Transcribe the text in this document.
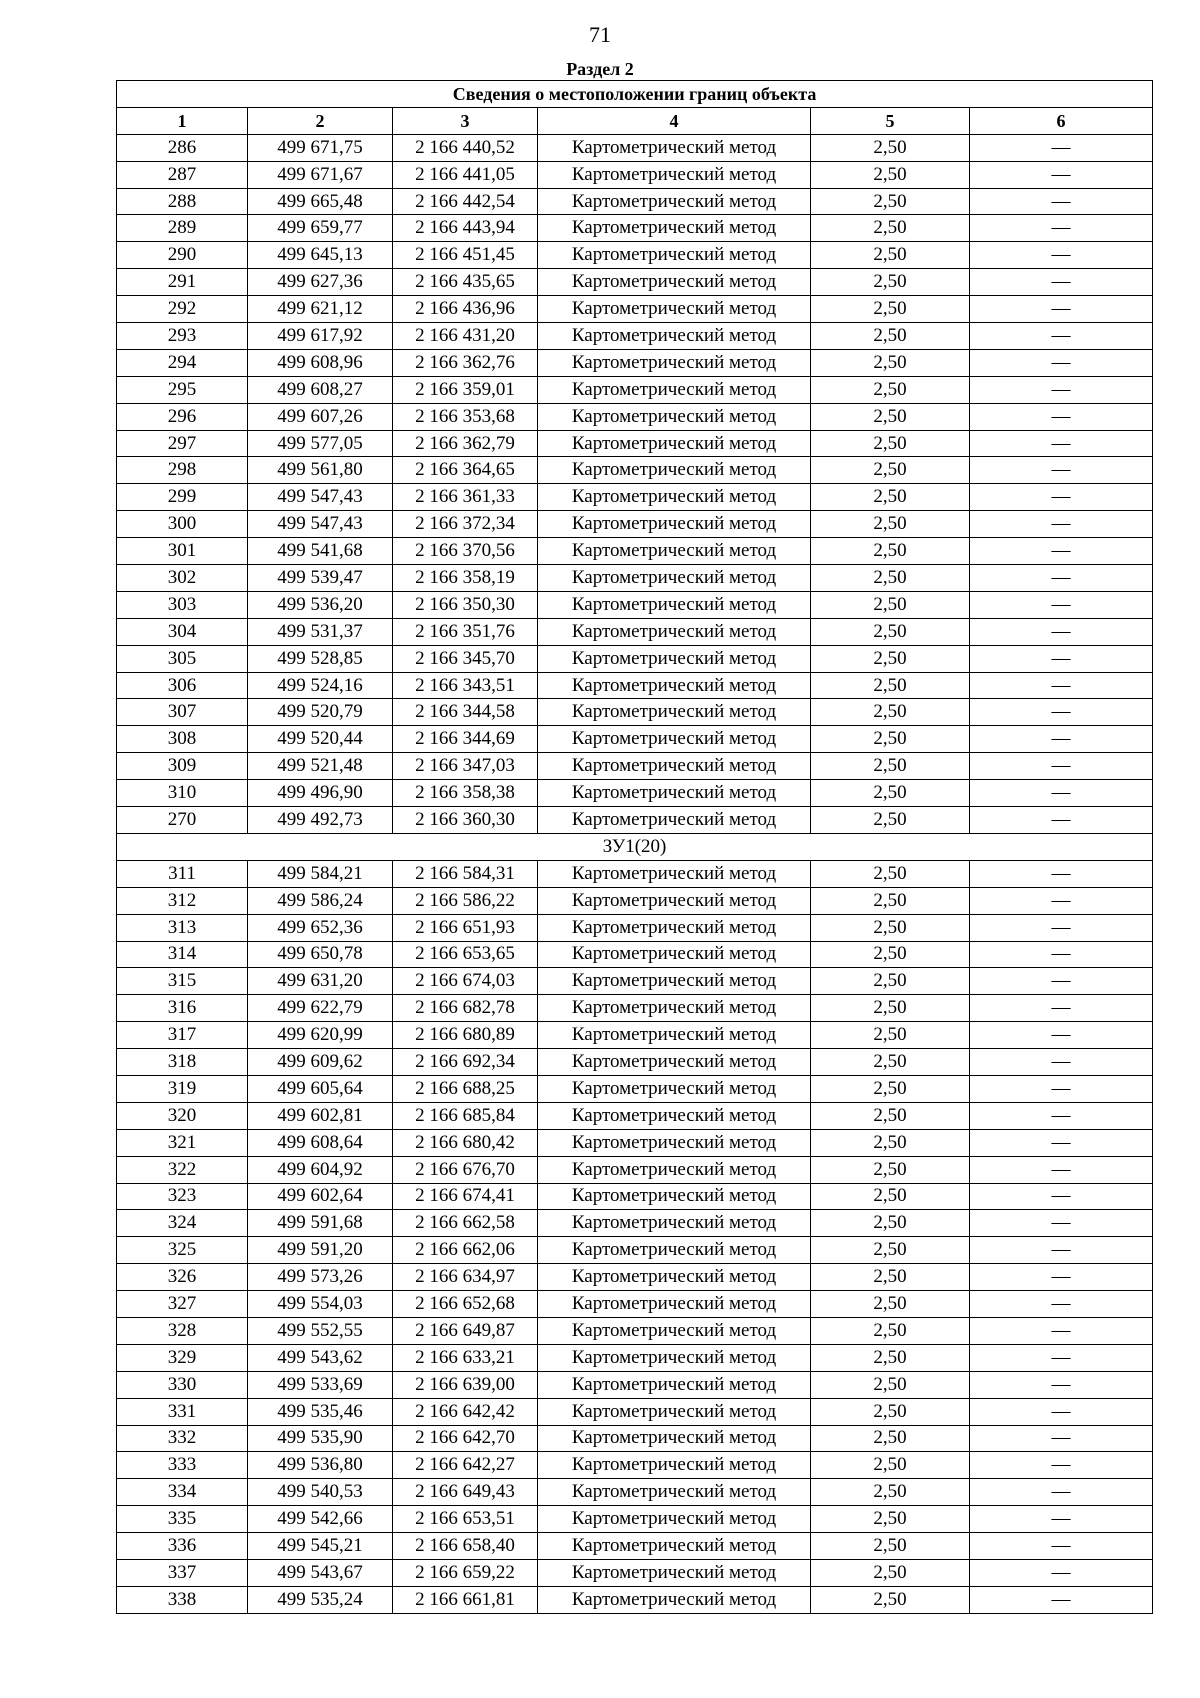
71
Раздел 2
Сведения о местоположении границ объекта					
1	2	3	4	5	6
286	499 671,75	2 166 440,52	Картометрический метод	2,50	—
287	499 671,67	2 166 441,05	Картометрический метод	2,50	—
288	499 665,48	2 166 442,54	Картометрический метод	2,50	—
289	499 659,77	2 166 443,94	Картометрический метод	2,50	—
290	499 645,13	2 166 451,45	Картометрический метод	2,50	—
291	499 627,36	2 166 435,65	Картометрический метод	2,50	—
292	499 621,12	2 166 436,96	Картометрический метод	2,50	—
293	499 617,92	2 166 431,20	Картометрический метод	2,50	—
294	499 608,96	2 166 362,76	Картометрический метод	2,50	—
295	499 608,27	2 166 359,01	Картометрический метод	2,50	—
296	499 607,26	2 166 353,68	Картометрический метод	2,50	—
297	499 577,05	2 166 362,79	Картометрический метод	2,50	—
298	499 561,80	2 166 364,65	Картометрический метод	2,50	—
299	499 547,43	2 166 361,33	Картометрический метод	2,50	—
300	499 547,43	2 166 372,34	Картометрический метод	2,50	—
301	499 541,68	2 166 370,56	Картометрический метод	2,50	—
302	499 539,47	2 166 358,19	Картометрический метод	2,50	—
303	499 536,20	2 166 350,30	Картометрический метод	2,50	—
304	499 531,37	2 166 351,76	Картометрический метод	2,50	—
305	499 528,85	2 166 345,70	Картометрический метод	2,50	—
306	499 524,16	2 166 343,51	Картометрический метод	2,50	—
307	499 520,79	2 166 344,58	Картометрический метод	2,50	—
308	499 520,44	2 166 344,69	Картометрический метод	2,50	—
309	499 521,48	2 166 347,03	Картометрический метод	2,50	—
310	499 496,90	2 166 358,38	Картометрический метод	2,50	—
270	499 492,73	2 166 360,30	Картометрический метод	2,50	—
ЗУ1(20)					
311	499 584,21	2 166 584,31	Картометрический метод	2,50	—
312	499 586,24	2 166 586,22	Картометрический метод	2,50	—
313	499 652,36	2 166 651,93	Картометрический метод	2,50	—
314	499 650,78	2 166 653,65	Картометрический метод	2,50	—
315	499 631,20	2 166 674,03	Картометрический метод	2,50	—
316	499 622,79	2 166 682,78	Картометрический метод	2,50	—
317	499 620,99	2 166 680,89	Картометрический метод	2,50	—
318	499 609,62	2 166 692,34	Картометрический метод	2,50	—
319	499 605,64	2 166 688,25	Картометрический метод	2,50	—
320	499 602,81	2 166 685,84	Картометрический метод	2,50	—
321	499 608,64	2 166 680,42	Картометрический метод	2,50	—
322	499 604,92	2 166 676,70	Картометрический метод	2,50	—
323	499 602,64	2 166 674,41	Картометрический метод	2,50	—
324	499 591,68	2 166 662,58	Картометрический метод	2,50	—
325	499 591,20	2 166 662,06	Картометрический метод	2,50	—
326	499 573,26	2 166 634,97	Картометрический метод	2,50	—
327	499 554,03	2 166 652,68	Картометрический метод	2,50	—
328	499 552,55	2 166 649,87	Картометрический метод	2,50	—
329	499 543,62	2 166 633,21	Картометрический метод	2,50	—
330	499 533,69	2 166 639,00	Картометрический метод	2,50	—
331	499 535,46	2 166 642,42	Картометрический метод	2,50	—
332	499 535,90	2 166 642,70	Картометрический метод	2,50	—
333	499 536,80	2 166 642,27	Картометрический метод	2,50	—
334	499 540,53	2 166 649,43	Картометрический метод	2,50	—
335	499 542,66	2 166 653,51	Картометрический метод	2,50	—
336	499 545,21	2 166 658,40	Картометрический метод	2,50	—
337	499 543,67	2 166 659,22	Картометрический метод	2,50	—
338	499 535,24	2 166 661,81	Картометрический метод	2,50	—
